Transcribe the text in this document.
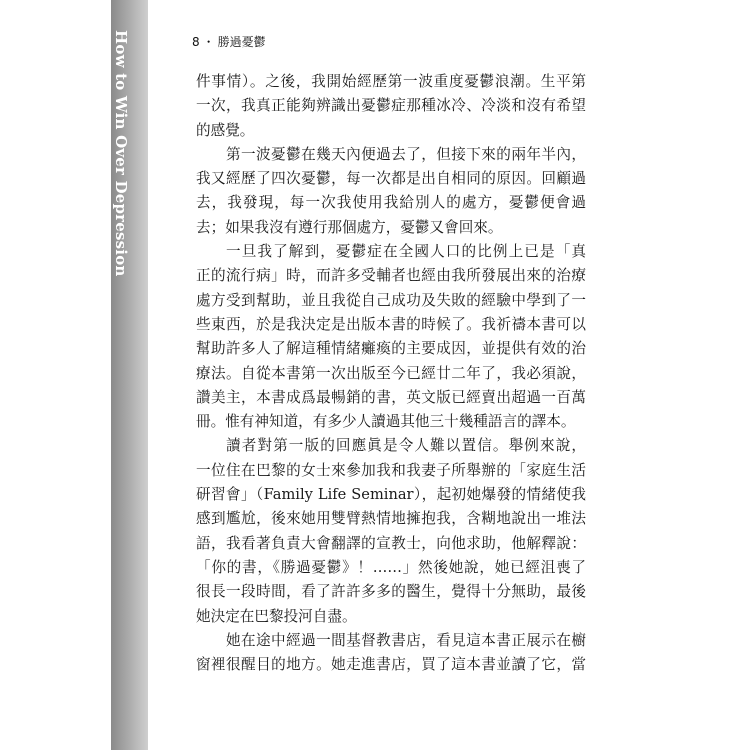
How to Win Over Depression	8 ・ 勝過憂鬱
件事情）。之後，我開始經歷第一波重度憂鬱浪潮。生平第
一次，我真正能夠辨識出憂鬱症那種冰冷、冷淡和沒有希望
的感覺。
第一波憂鬱在幾天內便過去了，但接下來的兩年半內，
我又經歷了四次憂鬱，每一次都是出自相同的原因。回顧過
去，我發現，每一次我使用我給別人的處方，憂鬱便會過
去；如果我沒有遵行那個處方，憂鬱又會回來。
一旦我了解到，憂鬱症在全國人口的比例上已是「真
正的流行病」時，而許多受輔者也經由我所發展出來的治療
處方受到幫助，並且我從自己成功及失敗的經驗中學到了一
些東西，於是我決定是出版本書的時候了。我祈禱本書可以
幫助許多人了解這種情緒癱瘓的主要成因，並提供有效的治
療法。自從本書第一次出版至今已經廿二年了，我必須說，
讚美主，本書成爲最暢銷的書，英文版已經賣出超過一百萬
冊。惟有神知道，有多少人讀過其他三十幾種語言的譯本。
讀者對第一版的回應眞是令人難以置信。舉例來說，
一位住在巴黎的女士來參加我和我妻子所舉辦的「家庭生活
研習會」（Family Life Seminar），起初她爆發的情緒使我
感到尷尬，後來她用雙臂熱情地擁抱我，含糊地說出一堆法
語，我看著負責大會翻譯的宣教士，向他求助，他解釋說：
「你的書，《勝過憂鬱》！……」然後她說，她已經沮喪了
很長一段時間，看了許許多多的醫生，覺得十分無助，最後
她決定在巴黎投河自盡。
她在途中經過一間基督教書店，看見這本書正展示在櫥
窗裡很醒目的地方。她走進書店，買了這本書並讀了它，當
